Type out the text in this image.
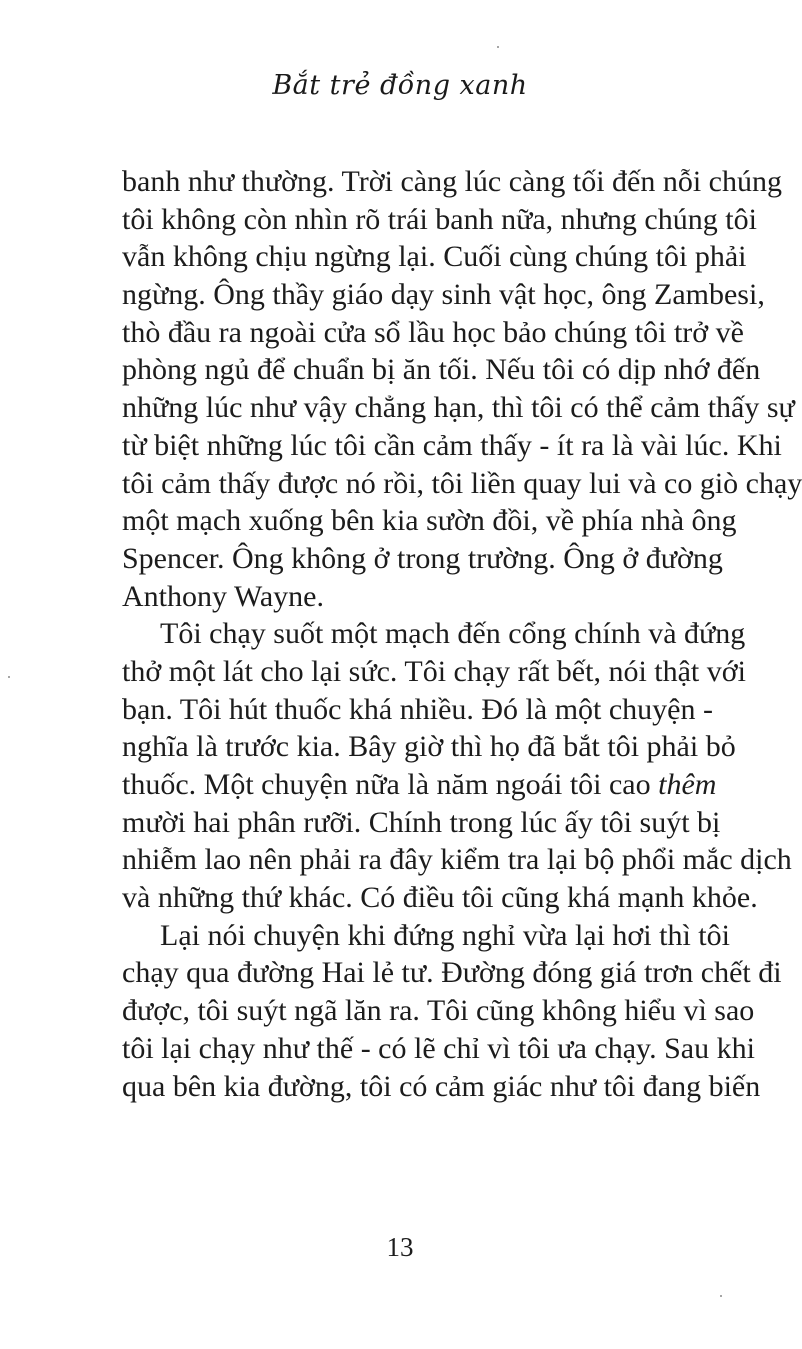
Bắt trẻ đồng xanh
banh như thường. Trời càng lúc càng tối đến nỗi chúng
tôi không còn nhìn rõ trái banh nữa, nhưng chúng tôi
vẫn không chịu ngừng lại. Cuối cùng chúng tôi phải
ngừng. Ông thầy giáo dạy sinh vật học, ông Zambesi,
thò đầu ra ngoài cửa sổ lầu học bảo chúng tôi trở về
phòng ngủ để chuẩn bị ăn tối. Nếu tôi có dịp nhớ đến
những lúc như vậy chẳng hạn, thì tôi có thể cảm thấy sự
từ biệt những lúc tôi cần cảm thấy - ít ra là vài lúc. Khi
tôi cảm thấy được nó rồi, tôi liền quay lui và co giò chạy
một mạch xuống bên kia sườn đồi, về phía nhà ông
Spencer. Ông không ở trong trường. Ông ở đường
Anthony Wayne.
Tôi chạy suốt một mạch đến cổng chính và đứng
thở một lát cho lại sức. Tôi chạy rất bết, nói thật với
bạn. Tôi hút thuốc khá nhiều. Đó là một chuyện -
nghĩa là trước kia. Bây giờ thì họ đã bắt tôi phải bỏ
thuốc. Một chuyện nữa là năm ngoái tôi cao thêm
mười hai phân rưỡi. Chính trong lúc ấy tôi suýt bị
nhiễm lao nên phải ra đây kiểm tra lại bộ phổi mắc dịch
và những thứ khác. Có điều tôi cũng khá mạnh khỏe.
Lại nói chuyện khi đứng nghỉ vừa lại hơi thì tôi
chạy qua đường Hai lẻ tư. Đường đóng giá trơn chết đi
được, tôi suýt ngã lăn ra. Tôi cũng không hiểu vì sao
tôi lại chạy như thế - có lẽ chỉ vì tôi ưa chạy. Sau khi
qua bên kia đường, tôi có cảm giác như tôi đang biến
13
